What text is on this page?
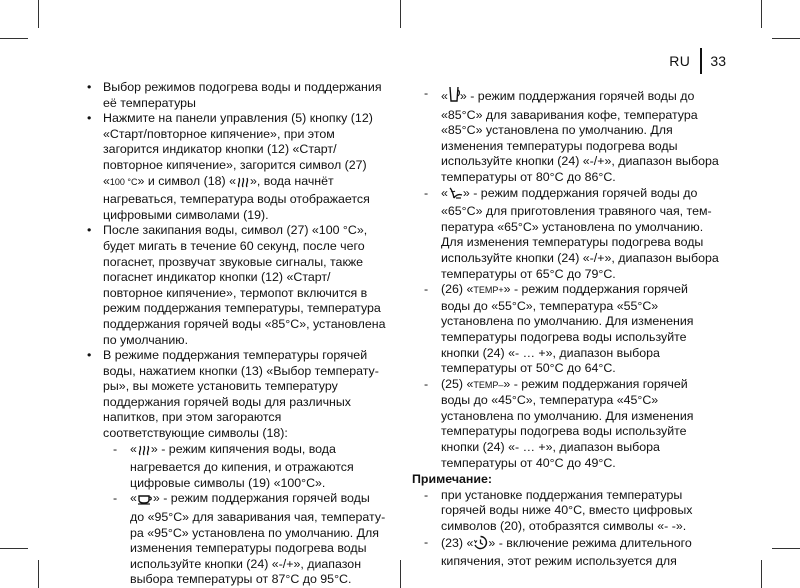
RU 33
• Выбор режимов подогрева воды и поддержания её температуры
• Нажмите на панели управления (5) кнопку (12) «Старт/повторное кипячение», при этом загорится индикатор кнопки (12) «Старт/повторное кипячение», загорится символ (27) «100 °C» и символ (18) « », вода начнёт нагреваться, температура воды отображается цифровыми символами (19).
• После закипания воды, символ (27) «100 °C», будет мигать в течение 60 секунд, после чего погаснет, прозвучат звуковые сигналы, также погаснет индикатор кнопки (12) «Старт/повторное кипячение», термопот включится в режим поддержания температуры, температура поддержания горячей воды «85°C», установлена по умолчанию.
• В режиме поддержания температуры горячей воды, нажатием кнопки (13) «Выбор температуры», вы можете установить температуру поддержания горячей воды для различных напитков, при этом загораются соответствующие символы (18):
- « » - режим кипячения воды, вода нагревается до кипения, и отражаются цифровые символы (19) «100°C».
- « » - режим поддержания горячей воды до «95°C» для заваривания чая, температура «95°C» установлена по умолчанию. Для изменения температуры подогрева воды используйте кнопки (24) «-/+», диапазон выбора температуры от 87°C до 95°C.
- « » - режим поддержания горячей воды до «85°C» для заваривания кофе, температура «85°C» установлена по умолчанию. Для изменения температуры подогрева воды используйте кнопки (24) «-/+», диапазон выбора температуры от 80°C до 86°C.
- « » - режим поддержания горячей воды до «65°C» для приготовления травяного чая, температура «65°C» установлена по умолчанию. Для изменения температуры подогрева воды используйте кнопки (24) «-/+», диапазон выбора температуры от 65°C до 79°C.
- (26) «TEMP+» - режим поддержания горячей воды до «55°C», температура «55°C» установлена по умолчанию. Для изменения температуры подогрева воды используйте кнопки (24) «- … +», диапазон выбора температуры от 50°C до 64°C.
- (25) «TEMP–» - режим поддержания горячей воды до «45°C», температура «45°C» установлена по умолчанию. Для изменения температуры подогрева воды используйте кнопки (24) «- … +», диапазон выбора температуры от 40°C до 49°C.
Примечание:
- при установке поддержания температуры горячей воды ниже 40°C, вместо цифровых символов (20), отобразятся символы «- -».
- (23) « » - включение режима длительного кипячения, этот режим используется для
